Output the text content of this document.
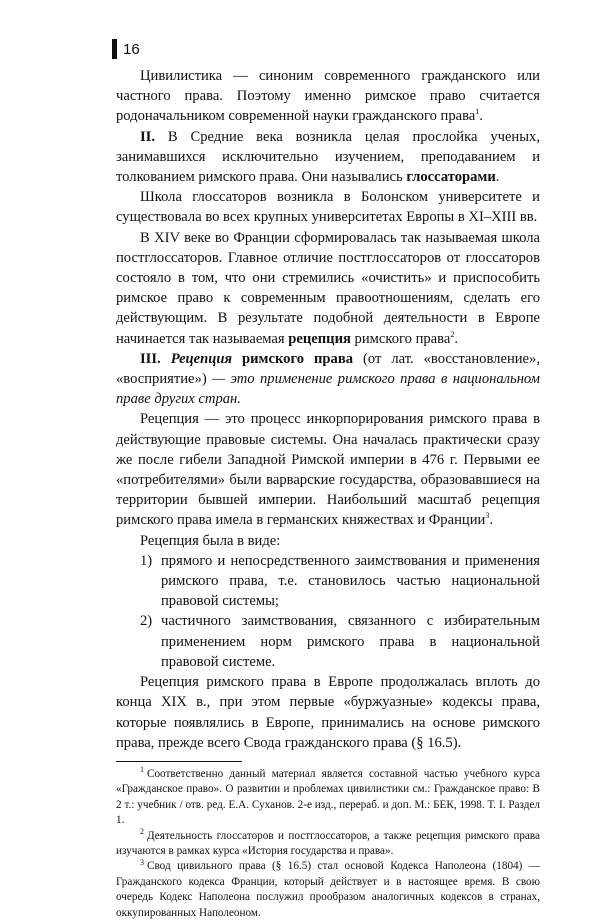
16

Цивилистика — синоним современного гражданского или частного права. Поэтому именно римское право считается родоначальником современной науки гражданского права$^1$.

II. В Средние века возникла целая прослойка ученых, занимавшихся исключительно изучением, преподаванием и толкованием римского права. Они назывались глоссаторами.

Школа глоссаторов возникла в Болонском университете и существовала во всех крупных университетах Европы в XI–XIII вв.

В XIV веке во Франции сформировалась так называемая школа постглоссаторов. Главное отличие постглоссаторов от глоссаторов состояло в том, что они стремились «очистить» и приспособить римское право к современным правоотношениям, сделать его действующим. В результате подобной деятельности в Европе начинается так называемая рецепция римского права$^2$.

III. Рецепция римского права (от лат. «восстановление», «восприятие») — это применение римского права в национальном праве других стран.

Рецепция — это процесс инкорпорирования римского права в действующие правовые системы. Она началась практически сразу же после гибели Западной Римской империи в 476 г. Первыми ее «потребителями» были варварские государства, образовавшиеся на территории бывшей империи. Наибольший масштаб рецепция римского права имела в германских княжествах и Франции$^3$.

Рецепция была в виде:

1) прямого и непосредственного заимствования и применения римского права, т.е. становилось частью национальной правовой системы;
2) частичного заимствования, связанного с избирательным применением норм римского права в национальной правовой системе.

Рецепция римского права в Европе продолжалась вплоть до конца XIX в., при этом первые «буржуазные» кодексы права, которые появлялись в Европе, принимались на основе римского права, прежде всего Свода гражданского права (§ 16.5).

$^1$ Соответственно данный материал является составной частью учебного курса «Гражданское право». О развитии и проблемах цивилистики см.: Гражданское право: В 2 т.: учебник / отв. ред. Е.А. Суханов. 2-е изд., перераб. и доп. М.: БЕК, 1998. Т. I. Раздел 1.

$^2$ Деятельность глоссаторов и постглоссаторов, а также рецепция римского права изучаются в рамках курса «История государства и права».

$^3$ Свод цивильного права (§ 16.5) стал основой Кодекса Наполеона (1804) — Гражданского кодекса Франции, который действует и в настоящее время. В свою очередь Кодекс Наполеона послужил прообразом аналогичных кодексов в странах, оккупированных Наполеоном.
